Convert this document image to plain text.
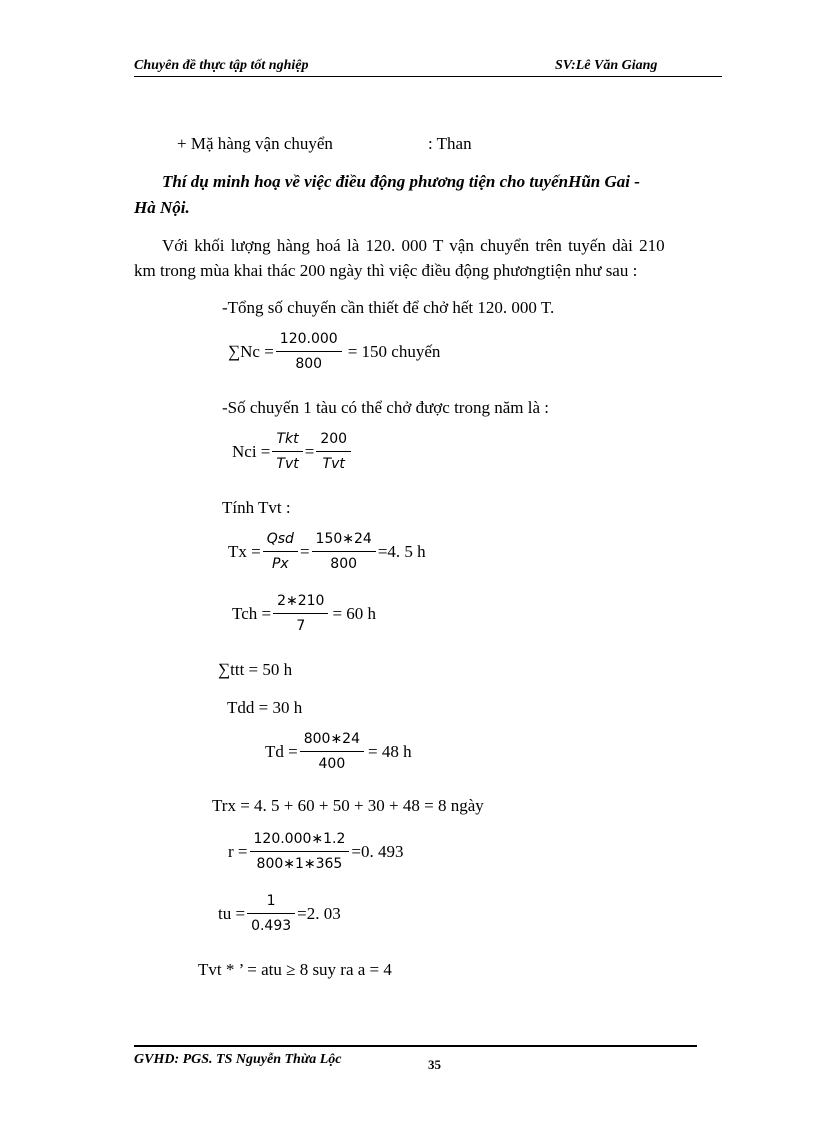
Chuyên đề thực tập tốt nghiệp	SV:Lê Văn Giang
+ Mặ hàng vận chuyển	: Than
Thí dụ minh hoạ về việc điều động phương tiện cho tuyếnHũn Gai -
Hà Nội.
Với khối lượng hàng hoá là 120. 000 T vận chuyển trên tuyến dài 210
km trong mùa khai thác 200 ngày thì việc điều động phươngtiện như sau :
-Tổng số chuyến cần thiết để chở hết 120. 000 T.
$\sum Nc = \frac{120.000}{800} = 150$ chuyến
-Số chuyến 1 tàu có thể chở được trong năm là :
Nci = $\frac{\text{Tkt}}{\text{Tvt}} = \frac{200}{\text{Tvt}}$
Tính Tvt :
$Tx = \frac{\text{Qsd}}{Px} = \frac{150∗24}{800} =4$. 5 h
Tch = $\frac{2∗210}{7} = 60$ h
∑ttt = 50 h
Tdd = 30 h
$Td = \frac{800∗24}{400} = 48$ h
Trx = 4. 5 + 60 + 50 + 30 + 48 = 8 ngày
$r = \frac{120.000∗1.2}{800∗1∗365} =0$. 493
tu = $\frac{1}{0.493} =2$. 03
Tvt * ’ = atu ≥ 8 suy ra a = 4
GVHD: PGS. TS Nguyễn Thừa Lộc	35
